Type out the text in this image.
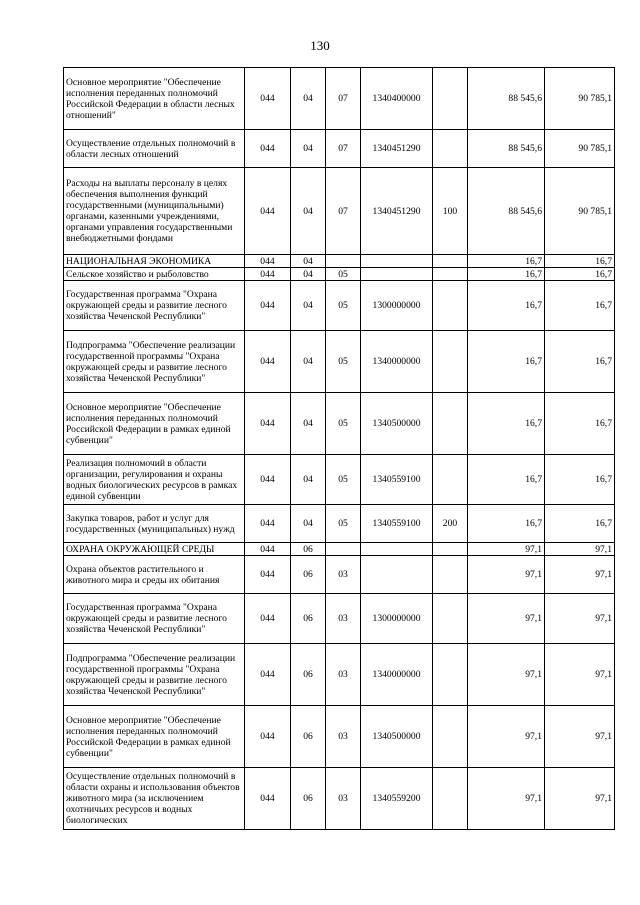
130
Основное мероприятие "Обеспечение исполнения переданных полномочий Российской Федерации в области лесных отношений"	044	04	07	1340400000		88 545,6	90 785,1
Осуществление отдельных полномочий в области лесных отношений	044	04	07	1340451290		88 545,6	90 785,1
Расходы на выплаты персоналу в целях обеспечения выполнения функций государственными (муниципальными) органами, казенными учреждениями, органами управления государственными внебюджетными фондами	044	04	07	1340451290	100	88 545,6	90 785,1
НАЦИОНАЛЬНАЯ ЭКОНОМИКА	044	04				16,7	16,7
Сельское хозяйство и рыболовство	044	04	05			16,7	16,7
Государственная программа "Охрана окружающей среды и развитие лесного хозяйства Чеченской Республики"	044	04	05	1300000000		16,7	16,7
Подпрограмма "Обеспечение реализации государственной программы "Охрана окружающей среды и развитие лесного хозяйства Чеченской Республики"	044	04	05	1340000000		16,7	16,7
Основное мероприятие "Обеспечение исполнения переданных полномочий Российской Федерации в рамках единой субвенции"	044	04	05	1340500000		16,7	16,7
Реализация полномочий в области организации, регулирования и охраны водных биологических ресурсов в рамках единой субвенции	044	04	05	1340559100		16,7	16,7
Закупка товаров, работ и услуг для государственных (муниципальных) нужд	044	04	05	1340559100	200	16,7	16,7
ОХРАНА ОКРУЖАЮЩЕЙ СРЕДЫ	044	06				97,1	97,1
Охрана объектов растительного и животного мира и среды их обитания	044	06	03			97,1	97,1
Государственная программа "Охрана окружающей среды и развитие лесного хозяйства Чеченской Республики"	044	06	03	1300000000		97,1	97,1
Подпрограмма "Обеспечение реализации государственной программы "Охрана окружающей среды и развитие лесного хозяйства Чеченской Республики"	044	06	03	1340000000		97,1	97,1
Основное мероприятие "Обеспечение исполнения переданных полномочий Российской Федерации в рамках единой субвенции"	044	06	03	1340500000		97,1	97,1
Осуществление отдельных полномочий в области охраны и использования объектов животного мира (за исключением охотничьих ресурсов и водных биологических	044	06	03	1340559200		97,1	97,1
